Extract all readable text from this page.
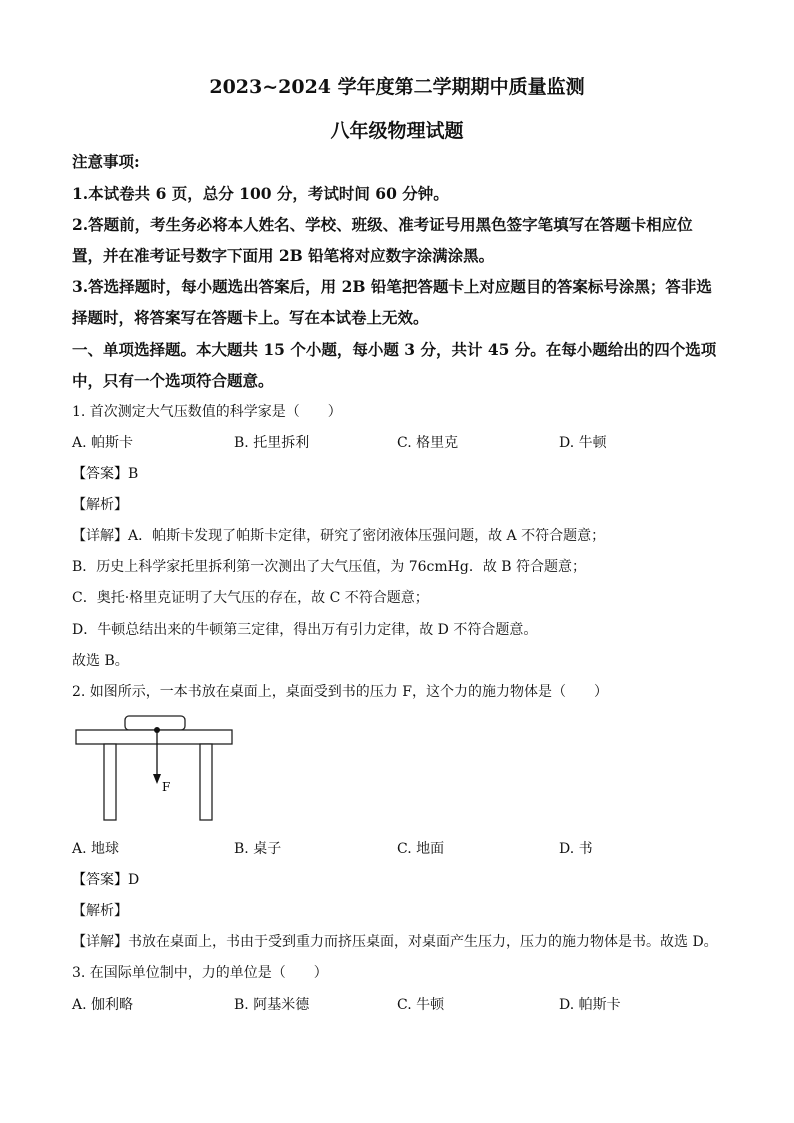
2023~2024 学年度第二学期期中质量监测
八年级物理试题
注意事项:
1.本试卷共 6 页，总分 100 分，考试时间 60 分钟。
2.答题前，考生务必将本人姓名、学校、班级、准考证号用黑色签字笔填写在答题卡相应位
置，并在准考证号数字下面用 2B 铅笔将对应数字涂满涂黑。
3.答选择题时，每小题选出答案后，用 2B 铅笔把答题卡上对应题目的答案标号涂黑；答非选
择题时，将答案写在答题卡上。写在本试卷上无效。
一、单项选择题。本大题共 15 个小题，每小题 3 分，共计 45 分。在每小题给出的四个选项
中，只有一个选项符合题意。
1. 首次测定大气压数值的科学家是（　　）
A. 帕斯卡	B. 托里拆利	C. 格里克	D. 牛顿
【答案】B
【解析】
【详解】A．帕斯卡发现了帕斯卡定律，研究了密闭液体压强问题，故 A 不符合题意；
B．历史上科学家托里拆利第一次测出了大气压值，为 76cmHg．故 B 符合题意；
C．奥托·格里克证明了大气压的存在，故 C 不符合题意；
D．牛顿总结出来的牛顿第三定律，得出万有引力定律，故 D 不符合题意。
故选 B。
2. 如图所示，一本书放在桌面上，桌面受到书的压力 F，这个力的施力物体是（　　）
F
A. 地球	B. 桌子	C. 地面	D. 书
【答案】D
【解析】
【详解】书放在桌面上，书由于受到重力而挤压桌面，对桌面产生压力，压力的施力物体是书。故选 D。
3. 在国际单位制中，力的单位是（　　）
A. 伽利略	B. 阿基米德	C. 牛顿	D. 帕斯卡
